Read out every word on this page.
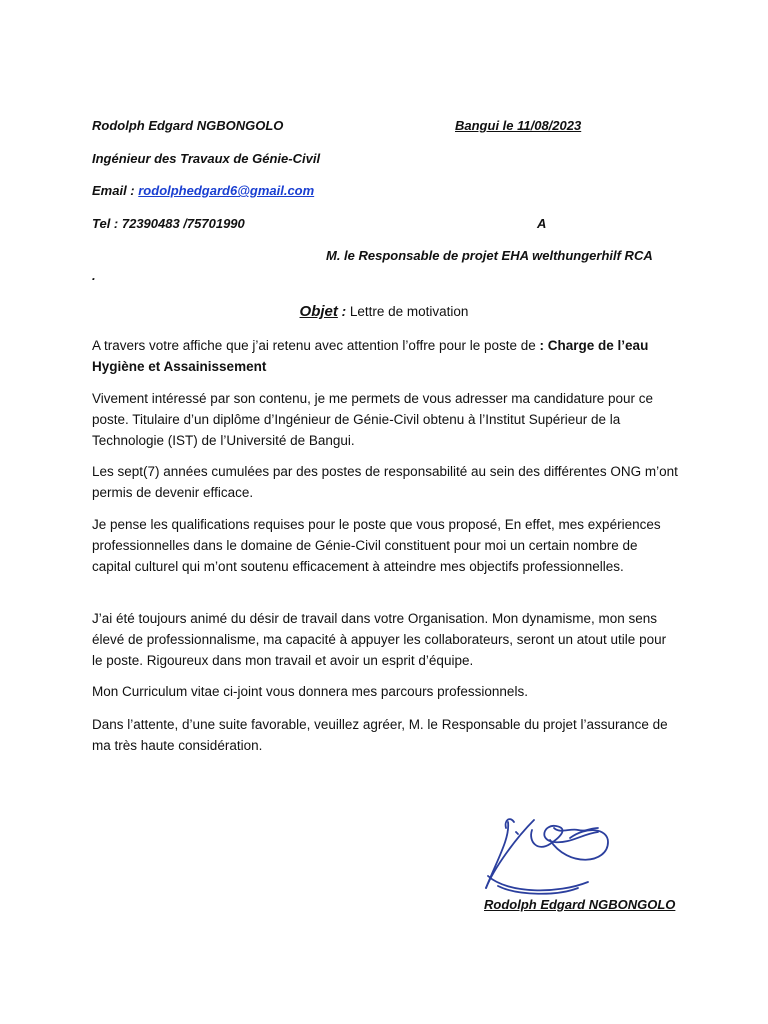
Rodolph Edgard NGBONGOLO	Bangui le 11/08/2023
Ingénieur des Travaux de Génie-Civil
Email : rodolphedgard6@gmail.com
Tel : 72390483 /75701990	A
M. le Responsable de projet EHA welthungerhilf RCA
.
Objet : Lettre de motivation

A travers votre affiche que j’ai retenu avec attention l’offre pour le poste de : Charge de l’eau Hygiène et Assainissement

Vivement intéressé par son contenu, je me permets de vous adresser ma candidature pour ce poste. Titulaire d’un diplôme d’Ingénieur de Génie-Civil obtenu à l’Institut Supérieur de la Technologie (IST) de l’Université de Bangui.

Les sept(7) années cumulées par des postes de responsabilité au sein des différentes ONG m’ont permis de devenir efficace.

Je pense les qualifications requises pour le poste que vous proposé, En effet, mes expériences professionnelles dans le domaine de Génie-Civil constituent pour moi un certain nombre de capital culturel qui m’ont soutenu efficacement à atteindre mes objectifs professionnelles.

J’ai été toujours animé du désir de travail dans votre Organisation. Mon dynamisme, mon sens élevé de professionnalisme, ma capacité à appuyer les collaborateurs, seront un atout utile pour le poste. Rigoureux dans mon travail et avoir un esprit d’équipe.

Mon Curriculum vitae ci-joint vous donnera mes parcours professionnels.

Dans l’attente, d’une suite favorable, veuillez agréer, M. le Responsable du projet l’assurance de ma très haute considération.

Rodolph Edgard NGBONGOLO
